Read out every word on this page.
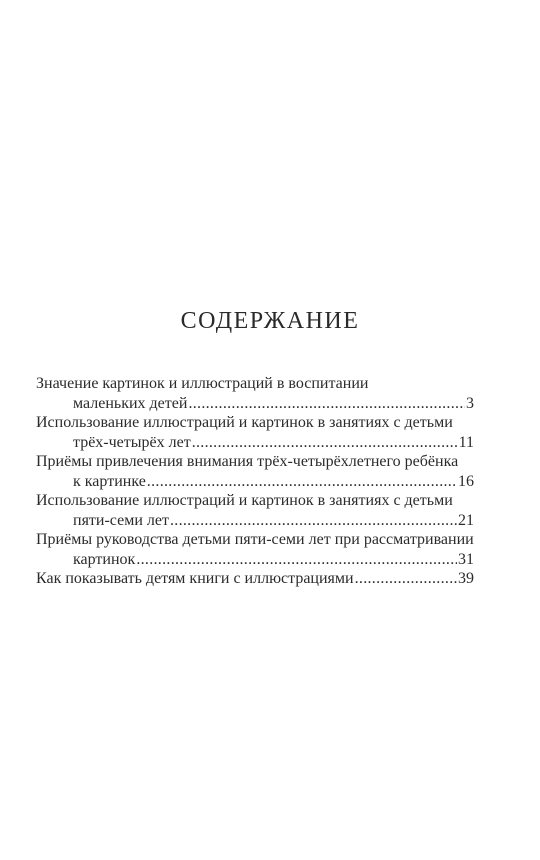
СОДЕРЖАНИЕ
Значение картинок и иллюстраций в воспитании
маленьких детей .....	3
Использование иллюстраций и картинок в занятиях с детьми
трёх-четырёх лет .....	11
Приёмы привлечения внимания трёх-четырёхлетнего ребёнка
к картинке .....	16
Использование иллюстраций и картинок в занятиях с детьми
пяти-семи лет .....	21
Приёмы руководства детьми пяти-семи лет при рассматривании
картинок .....	31
Как показывать детям книги с иллюстрациями .....	39
